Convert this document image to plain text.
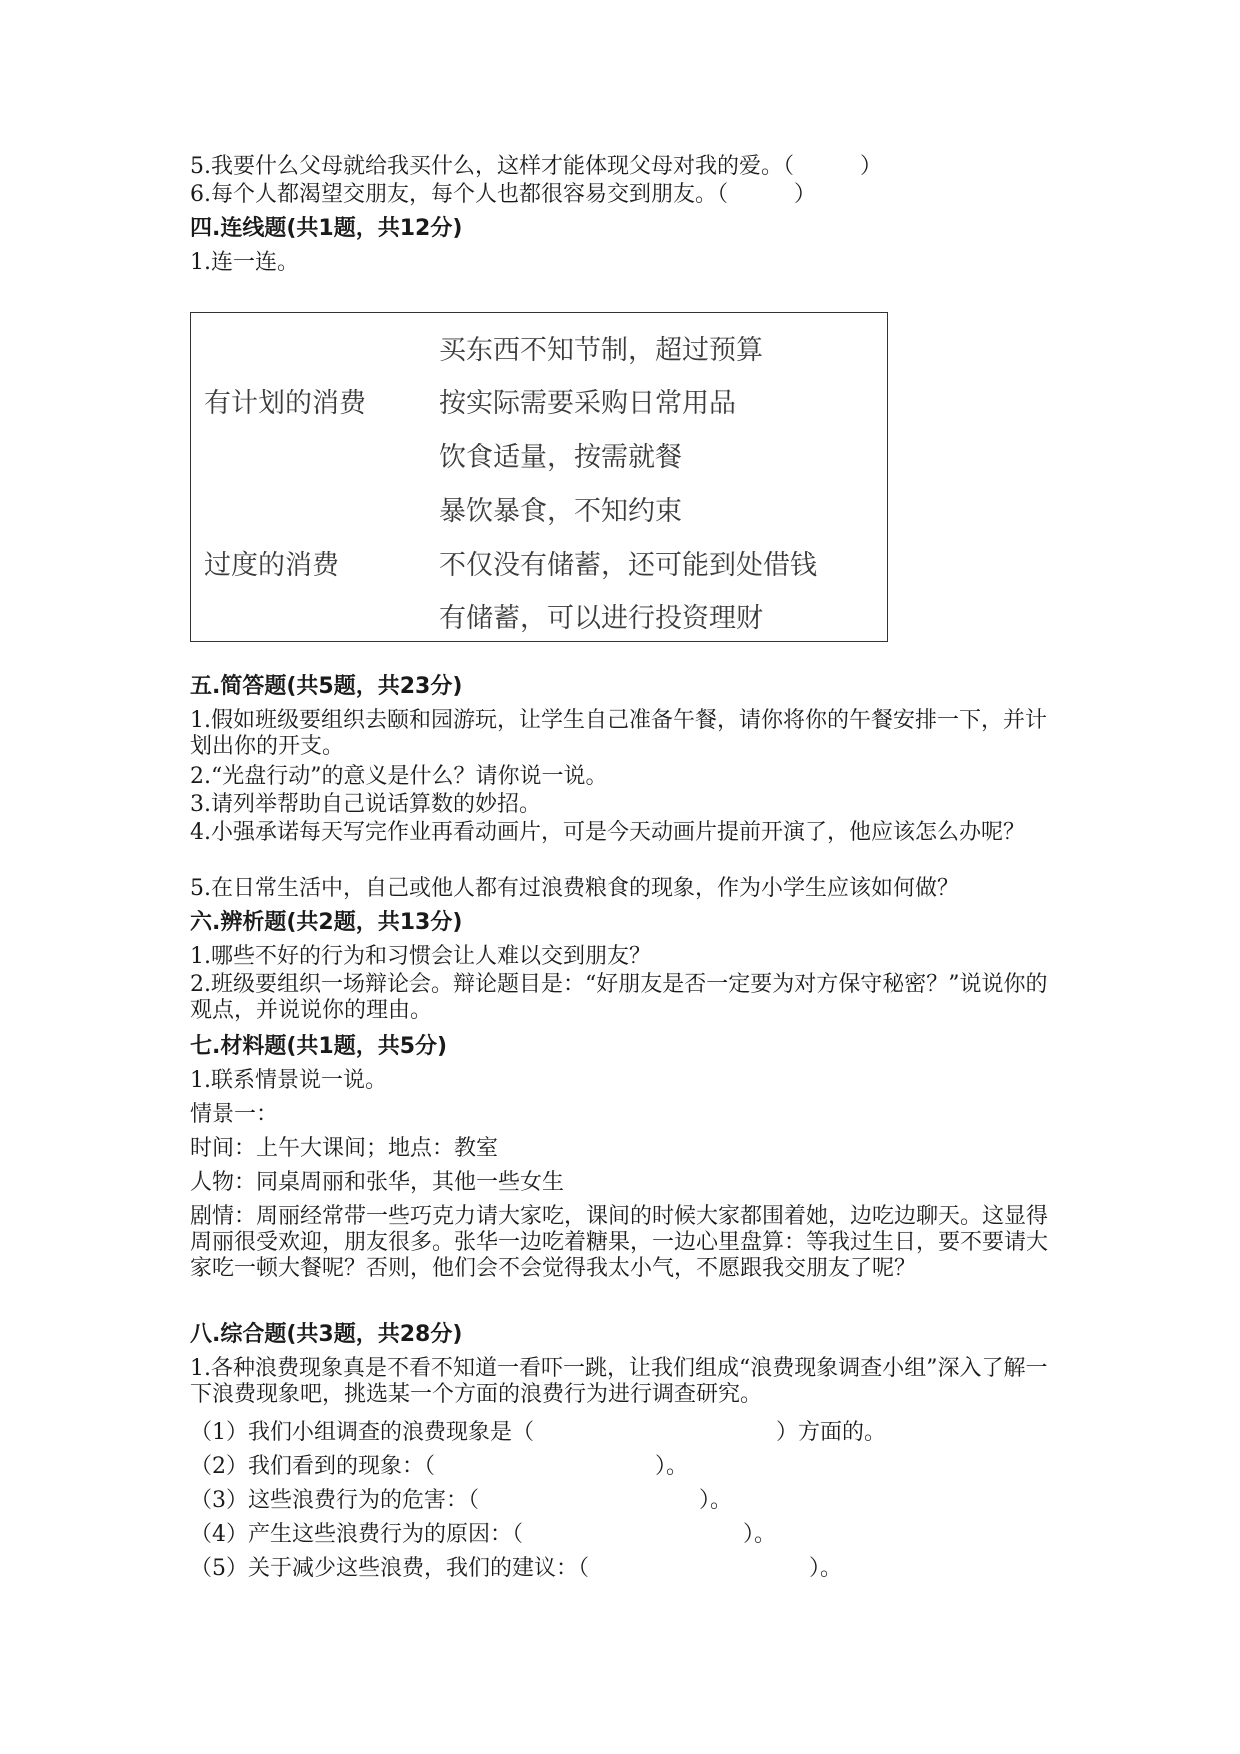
5.我要什么父母就给我买什么，这样才能体现父母对我的爱。（　　　）
6.每个人都渴望交朋友，每个人也都很容易交到朋友。（　　　）
四.连线题(共1题，共12分)
1.连一连。
有计划的消费
过度的消费
买东西不知节制，超过预算
按实际需要采购日常用品
饮食适量，按需就餐
暴饮暴食，不知约束
不仅没有储蓄，还可能到处借钱
有储蓄，可以进行投资理财
五.简答题(共5题，共23分)
1.假如班级要组织去颐和园游玩，让学生自己准备午餐，请你将你的午餐安排一下，并计划出你的开支。
2.“光盘行动”的意义是什么？请你说一说。
3.请列举帮助自己说话算数的妙招。
4.小强承诺每天写完作业再看动画片，可是今天动画片提前开演了，他应该怎么办呢？
5.在日常生活中，自己或他人都有过浪费粮食的现象，作为小学生应该如何做？
六.辨析题(共2题，共13分)
1.哪些不好的行为和习惯会让人难以交到朋友？
2.班级要组织一场辩论会。辩论题目是：“好朋友是否一定要为对方保守秘密？”说说你的观点，并说说你的理由。
七.材料题(共1题，共5分)
1.联系情景说一说。
情景一：
时间：上午大课间；地点：教室
人物：同桌周丽和张华，其他一些女生
剧情：周丽经常带一些巧克力请大家吃，课间的时候大家都围着她，边吃边聊天。这显得周丽很受欢迎，朋友很多。张华一边吃着糖果，一边心里盘算：等我过生日，要不要请大家吃一顿大餐呢？否则，他们会不会觉得我太小气，不愿跟我交朋友了呢？
八.综合题(共3题，共28分)
1.各种浪费现象真是不看不知道一看吓一跳，让我们组成“浪费现象调查小组”深入了解一下浪费现象吧，挑选某一个方面的浪费行为进行调查研究。
（1）我们小组调查的浪费现象是（　　　　　　　　　　　）方面的。
（2）我们看到的现象：（　　　　　　　　　　）。
（3）这些浪费行为的危害：（　　　　　　　　　　）。
（4）产生这些浪费行为的原因：（　　　　　　　　　　）。
（5）关于减少这些浪费，我们的建议：（　　　　　　　　　　）。
